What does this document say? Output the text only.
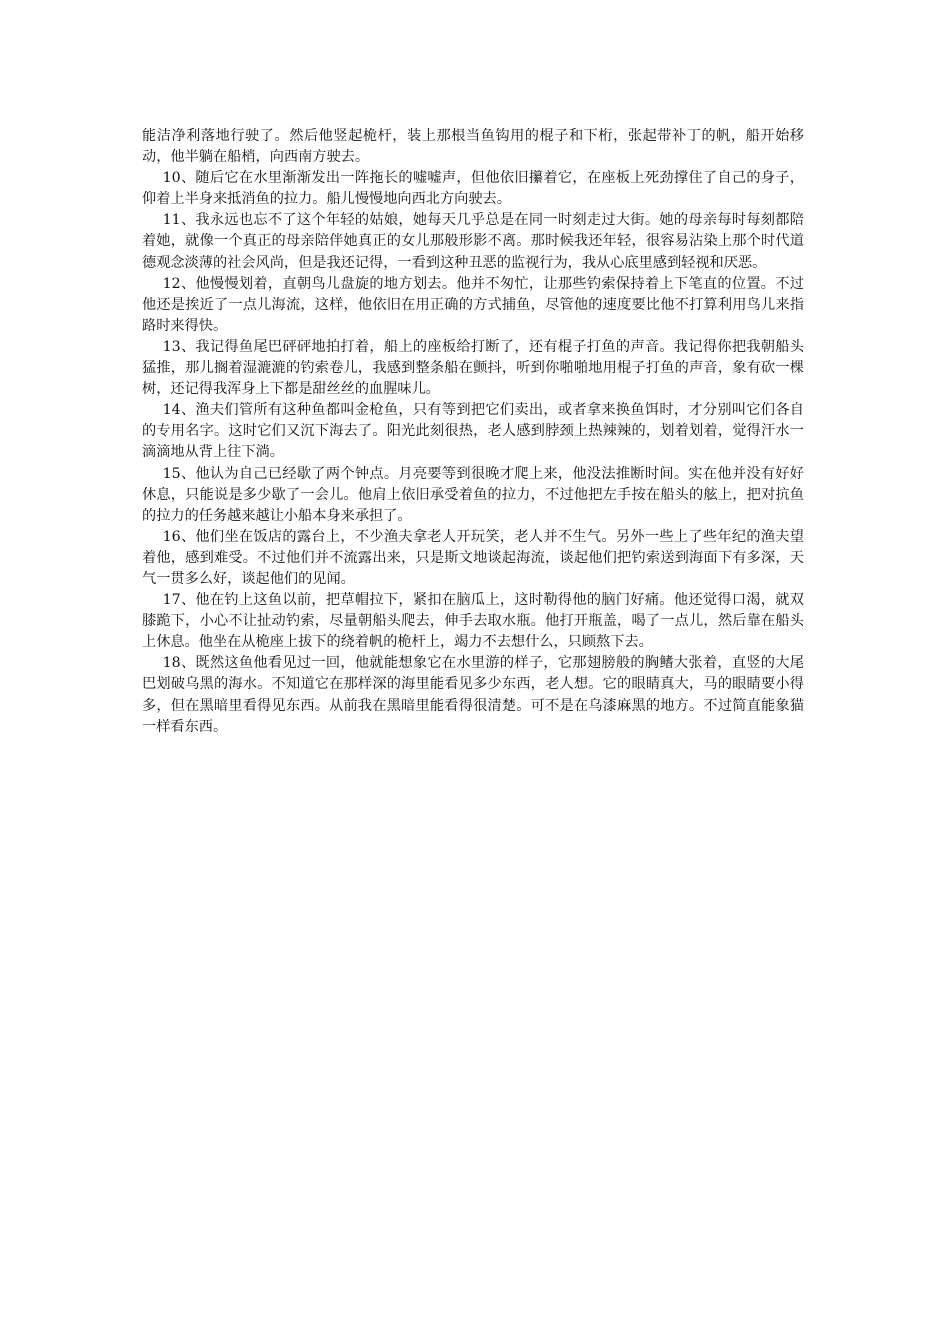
能洁净利落地行驶了。然后他竖起桅杆，装上那根当鱼钩用的棍子和下桁，张起带补丁的帆，船开始移动，他半躺在船梢，向西南方驶去。

10、随后它在水里渐渐发出一阵拖长的嘘嘘声，但他依旧攥着它，在座板上死劲撑住了自己的身子，仰着上半身来抵消鱼的拉力。船儿慢慢地向西北方向驶去。

11、我永远也忘不了这个年轻的姑娘，她每天几乎总是在同一时刻走过大街。她的母亲每时每刻都陪着她，就像一个真正的母亲陪伴她真正的女儿那般形影不离。那时候我还年轻，很容易沾染上那个时代道德观念淡薄的社会风尚，但是我还记得，一看到这种丑恶的监视行为，我从心底里感到轻视和厌恶。

12、他慢慢划着，直朝鸟儿盘旋的地方划去。他并不匆忙，让那些钓索保持着上下笔直的位置。不过他还是挨近了一点儿海流，这样，他依旧在用正确的方式捕鱼，尽管他的速度要比他不打算利用鸟儿来指路时来得快。

13、我记得鱼尾巴砰砰地拍打着，船上的座板给打断了，还有棍子打鱼的声音。我记得你把我朝船头猛推，那儿搁着湿漉漉的钓索卷儿，我感到整条船在颤抖，听到你啪啪地用棍子打鱼的声音，象有砍一棵树，还记得我浑身上下都是甜丝丝的血腥味儿。

14、渔夫们管所有这种鱼都叫金枪鱼，只有等到把它们卖出，或者拿来换鱼饵时，才分别叫它们各自的专用名字。这时它们又沉下海去了。阳光此刻很热，老人感到脖颈上热辣辣的，划着划着，觉得汗水一滴滴地从背上往下淌。

15、他认为自己已经歇了两个钟点。月亮要等到很晚才爬上来，他没法推断时间。实在他并没有好好休息，只能说是多少歇了一会儿。他肩上依旧承受着鱼的拉力，不过他把左手按在船头的舷上，把对抗鱼的拉力的任务越来越让小船本身来承担了。

16、他们坐在饭店的露台上，不少渔夫拿老人开玩笑，老人并不生气。另外一些上了些年纪的渔夫望着他，感到难受。不过他们并不流露出来，只是斯文地谈起海流，谈起他们把钓索送到海面下有多深，天气一贯多么好，谈起他们的见闻。

17、他在钓上这鱼以前，把草帽拉下，紧扣在脑瓜上，这时勒得他的脑门好痛。他还觉得口渴，就双膝跪下，小心不让扯动钓索，尽量朝船头爬去，伸手去取水瓶。他打开瓶盖，喝了一点儿，然后靠在船头上休息。他坐在从桅座上拔下的绕着帆的桅杆上，竭力不去想什么，只顾熬下去。

18、既然这鱼他看见过一回，他就能想象它在水里游的样子，它那翅膀般的胸鳍大张着，直竖的大尾巴划破乌黑的海水。不知道它在那样深的海里能看见多少东西，老人想。它的眼睛真大，马的眼睛要小得多，但在黑暗里看得见东西。从前我在黑暗里能看得很清楚。可不是在乌漆麻黑的地方。不过简直能象猫一样看东西。
